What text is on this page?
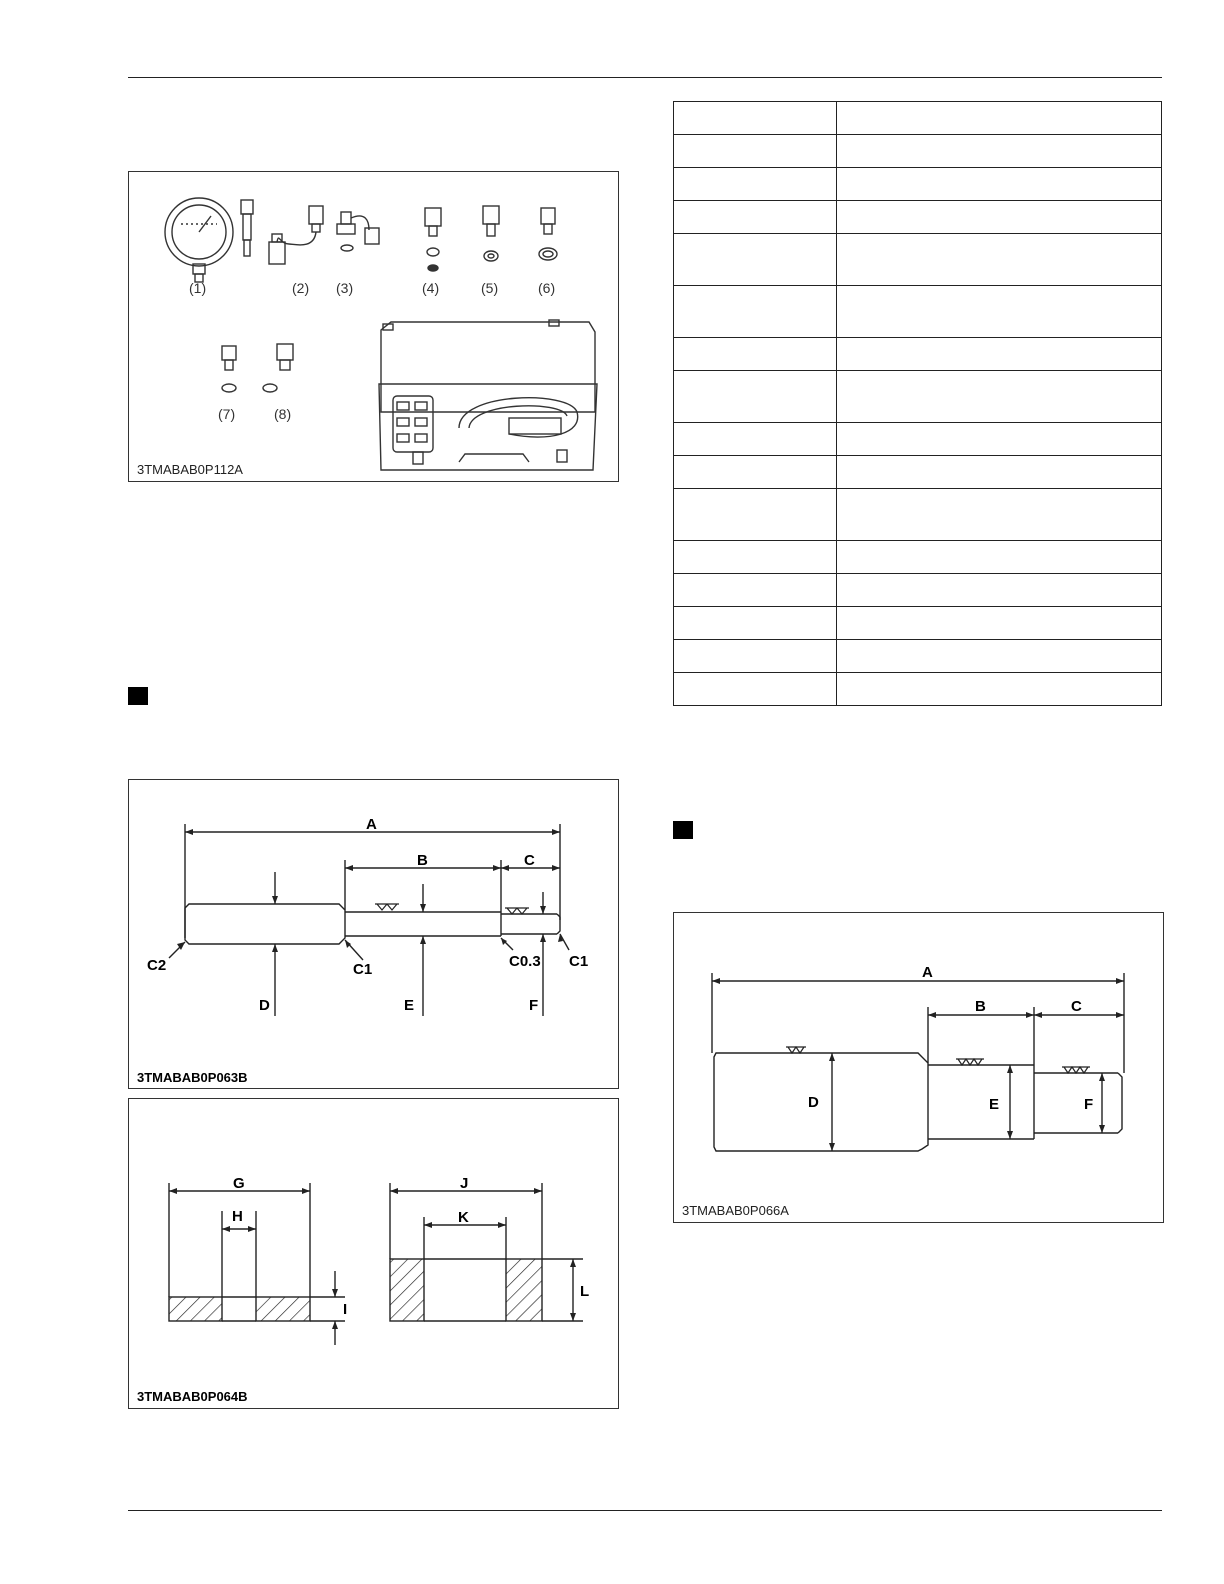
(1)	(2) (3)	(4)	(5)	(6)
(7)	(8)
3TMABAB0P112A
A
B	C
D	E	F
C2	C1	C0.3 C1
3TMABAB0P063B
G
H
I
J
K
L
3TMABAB0P064B

A
B	C
D	E	F
3TMABAB0P066A
